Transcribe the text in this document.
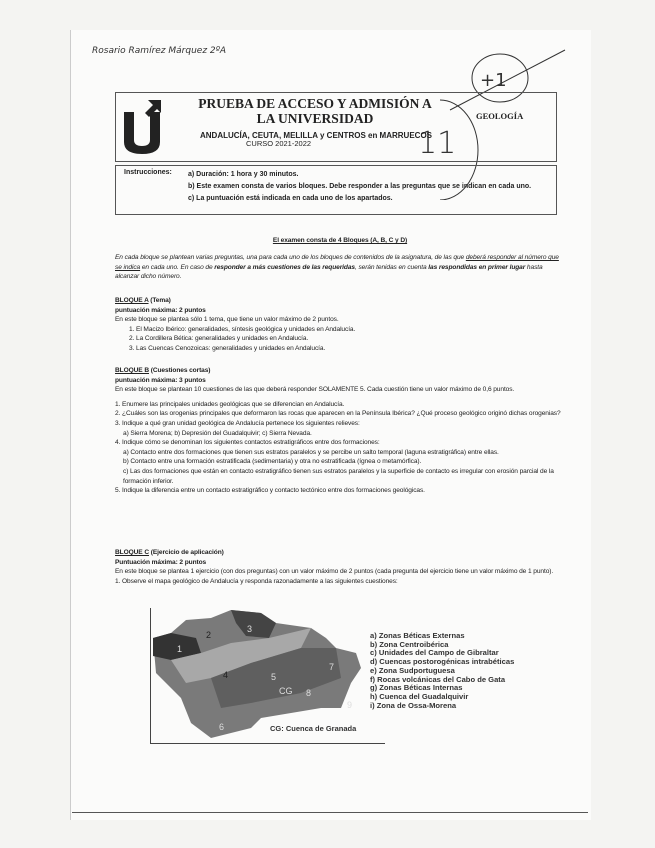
Rosario Ramírez Márquez 2ºA
+1
11
PRUEBA DE ACCESO Y ADMISIÓN A LA UNIVERSIDAD
ANDALUCÍA, CEUTA, MELILLA y CENTROS en MARRUECOS
CURSO 2021-2022
GEOLOGÍA
Instrucciones: a) Duración: 1 hora y 30 minutos.
b) Este examen consta de varios bloques. Debe responder a las preguntas que se indican en cada uno.
c) La puntuación está indicada en cada uno de los apartados.
El examen consta de 4 Bloques (A, B, C y D)
En cada bloque se plantean varias preguntas, una para cada uno de los bloques de contenidos de la asignatura, de las que deberá responder al número que se indica en cada uno. En caso de responder a más cuestiones de las requeridas, serán tenidas en cuenta las respondidas en primer lugar hasta alcanzar dicho número.
BLOQUE A (Tema)
puntuación máxima: 2 puntos
En este bloque se plantea sólo 1 tema, que tiene un valor máximo de 2 puntos.
1. El Macizo Ibérico: generalidades, síntesis geológica y unidades en Andalucía.
2. La Cordillera Bética: generalidades y unidades en Andalucía.
3. Las Cuencas Cenozoicas: generalidades y unidades en Andalucía.
BLOQUE B (Cuestiones cortas)
puntuación máxima: 3 puntos
En este bloque se plantean 10 cuestiones de las que deberá responder SOLAMENTE 5. Cada cuestión tiene un valor máximo de 0,6 puntos.
1. Enumere las principales unidades geológicas que se diferencian en Andalucía.
2. ¿Cuáles son las orogenias principales que deformaron las rocas que aparecen en la Península Ibérica? ¿Qué proceso geológico originó dichas orogenias?
3. Indique a qué gran unidad geológica de Andalucía pertenece los siguientes relieves:
a) Sierra Morena; b) Depresión del Guadalquivir; c) Sierra Nevada.
4. Indique cómo se denominan los siguientes contactos estratigráficos entre dos formaciones:
a) Contacto entre dos formaciones que tienen sus estratos paralelos y se percibe un salto temporal (laguna estratigráfica) entre ellas.
b) Contacto entre una formación estratificada (sedimentaria) y otra no estratificada (ígnea o metamórfica).
c) Las dos formaciones que están en contacto estratigráfico tienen sus estratos paralelos y la superficie de contacto es irregular con erosión parcial de la formación inferior.
5. Indique la diferencia entre un contacto estratigráfico y contacto tectónico entre dos formaciones geológicas.
BLOQUE C (Ejercicio de aplicación)
Puntuación máxima: 2 puntos
En este bloque se plantea 1 ejercicio (con dos preguntas) con un valor máximo de 2 puntos (cada pregunta del ejercicio tiene un valor máximo de 1 punto).
1. Observe el mapa geológico de Andalucía y responda razonadamente a las siguientes cuestiones:
1
2
3
4	5
6
7
8
9
CG
CG: Cuenca de Granada
a) Zonas Béticas Externas
b) Zona Centroibérica
c) Unidades del Campo de Gibraltar
d) Cuencas postorogénicas intrabéticas
e) Zona Sudportuguesa
f) Rocas volcánicas del Cabo de Gata
g) Zonas Béticas Internas
h) Cuenca del Guadalquivir
i) Zona de Ossa-Morena
